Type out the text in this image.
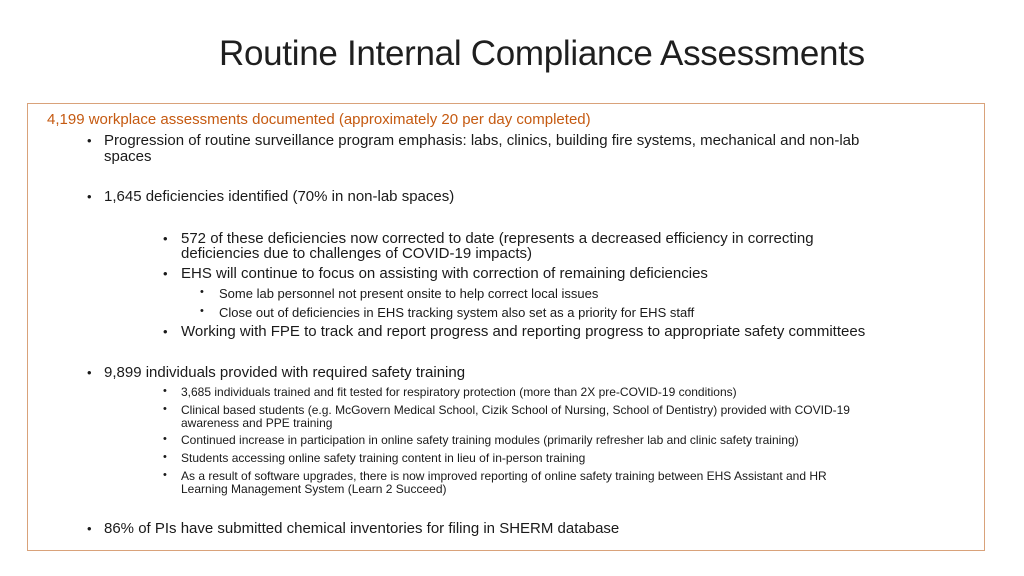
Routine Internal Compliance Assessments
4,199 workplace assessments documented (approximately 20 per day completed)
• Progression of routine surveillance program emphasis: labs, clinics, building fire systems, mechanical and non-lab
spaces
• 1,645 deficiencies identified (70% in non-lab spaces)
• 572 of these deficiencies now corrected to date (represents a decreased efficiency in correcting
deficiencies due to challenges of COVID-19 impacts)
• EHS will continue to focus on assisting with correction of remaining deficiencies
• Some lab personnel not present onsite to help correct local issues
• Close out of deficiencies in EHS tracking system also set as a priority for EHS staff
• Working with FPE to track and report progress and reporting progress to appropriate safety committees
• 9,899 individuals provided with required safety training
• 3,685 individuals trained and fit tested for respiratory protection (more than 2X pre-COVID-19 conditions)
• Clinical based students (e.g. McGovern Medical School, Cizik School of Nursing, School of Dentistry) provided with COVID-19
awareness and PPE training
• Continued increase in participation in online safety training modules (primarily refresher lab and clinic safety training)
• Students accessing online safety training content in lieu of in-person training
• As a result of software upgrades, there is now improved reporting of online safety training between EHS Assistant and HR
Learning Management System (Learn 2 Succeed)
• 86% of PIs have submitted chemical inventories for filing in SHERM database
